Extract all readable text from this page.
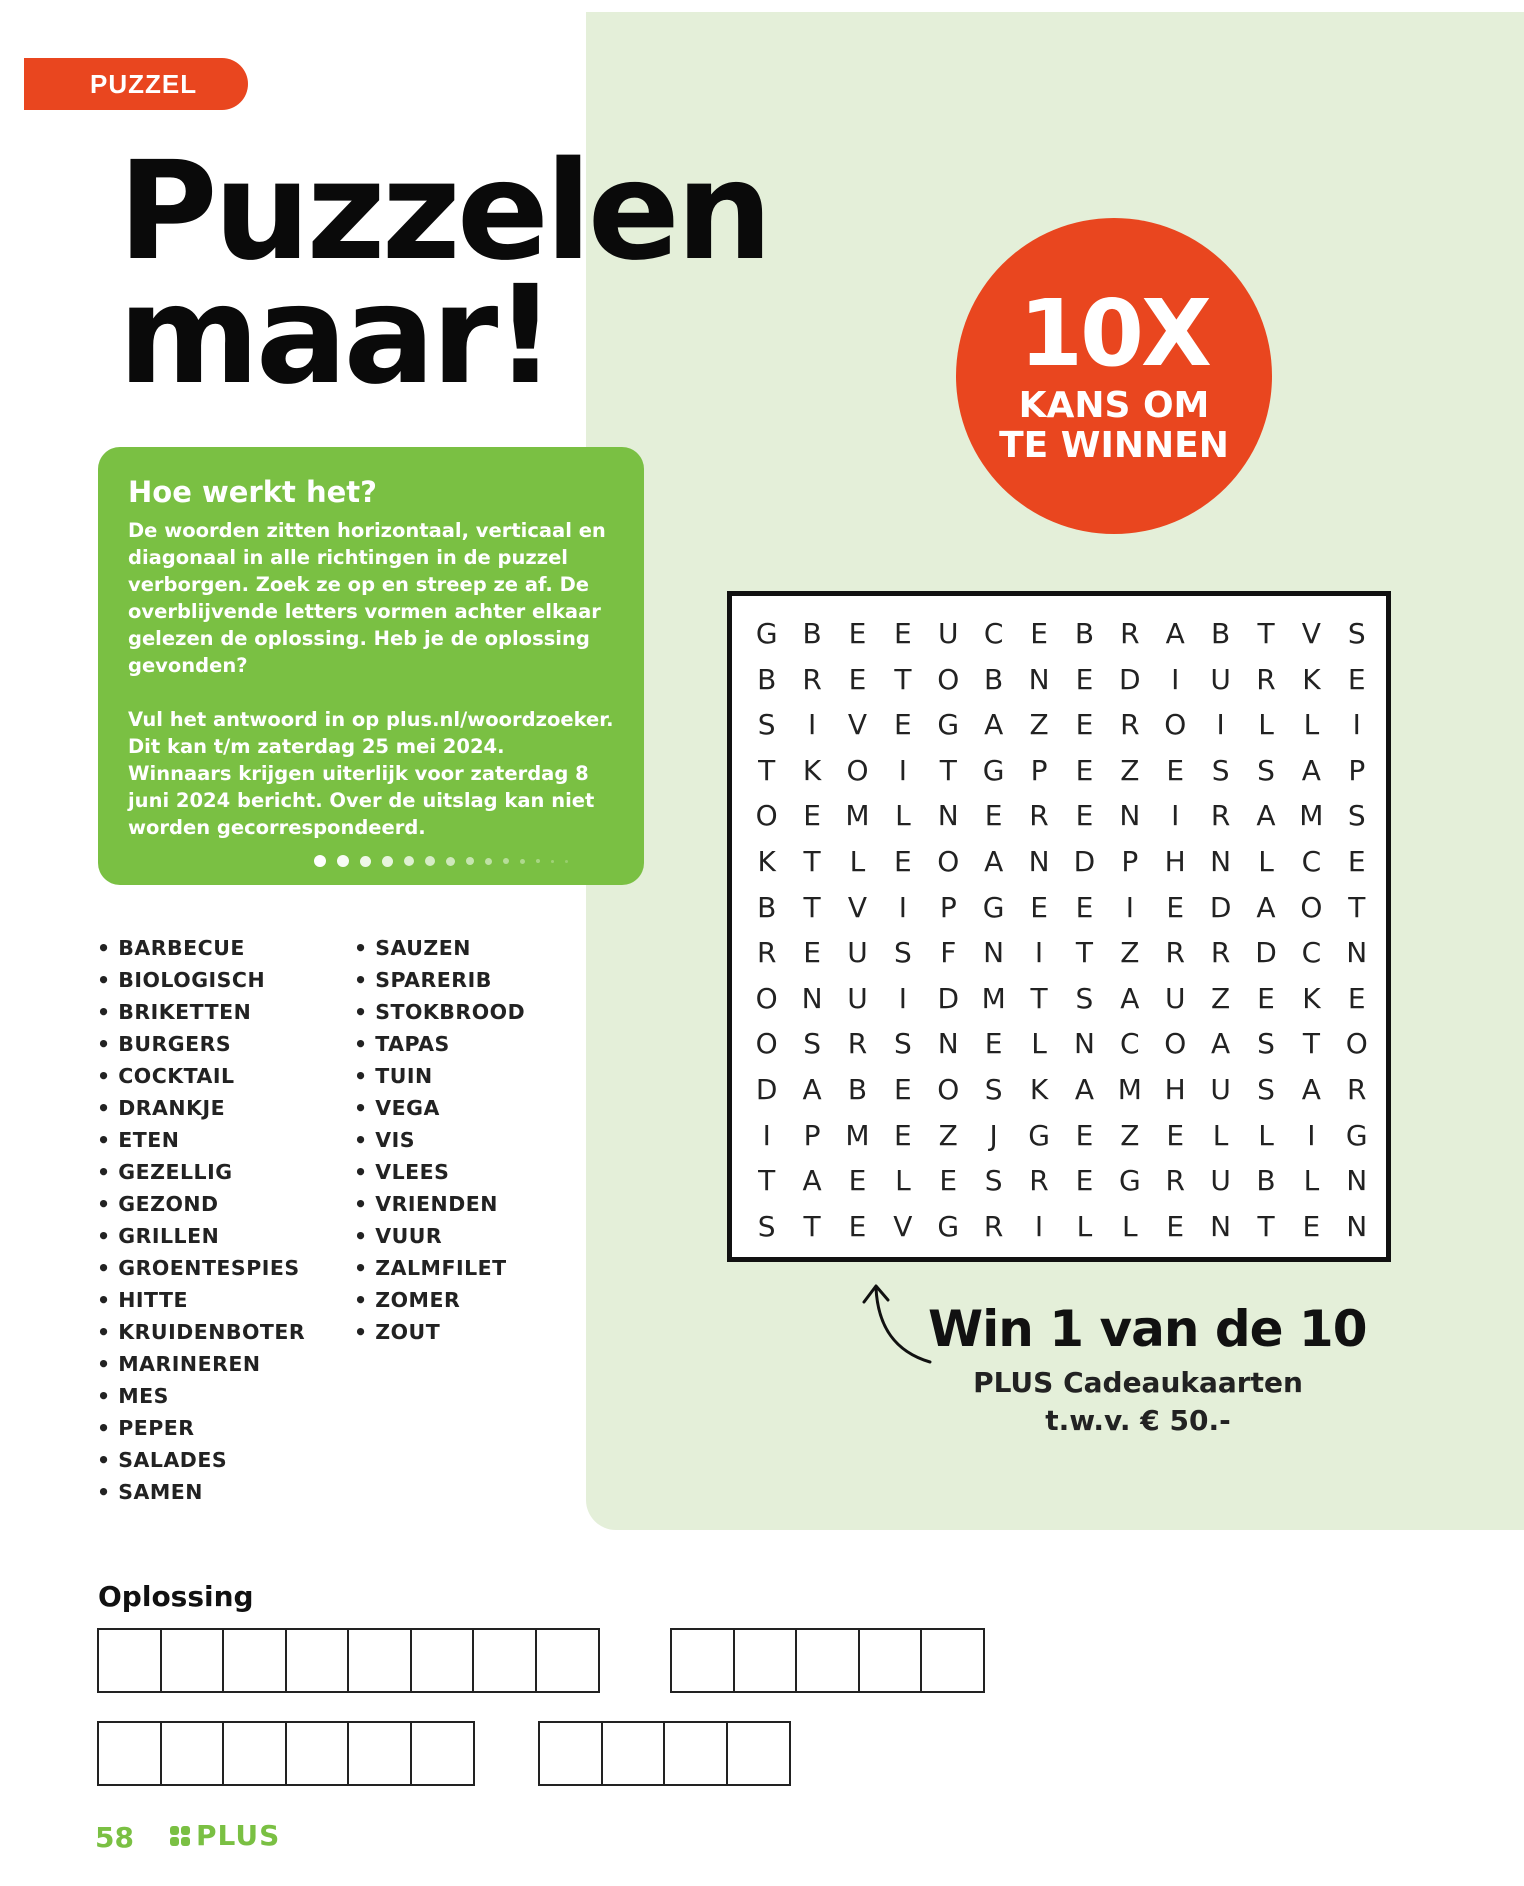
PUZZEL
Puzzelen
maar!	10X
KANS OM
TE WINNEN
Hoe werkt het?

De woorden zitten horizontaal, verticaal en diagonaal in alle richtingen in de puzzel verborgen. Zoek ze op en streep ze af. De overblijvende letters vormen achter elkaar gelezen de oplossing. Heb je de oplossing gevonden?

Vul het antwoord in op plus.nl/woordzoeker. Dit kan t/m zaterdag 25 mei 2024. Winnaars krijgen uiterlijk voor zaterdag 8 juni 2024 bericht. Over de uitslag kan niet worden gecorrespondeerd.

• BARBECUE
• BIOLOGISCH
• BRIKETTEN
• BURGERS
• COCKTAIL
• DRANKJE
• ETEN
• GEZELLIG
• GEZOND
• GRILLEN
• GROENTESPIES
• HITTE
• KRUIDENBOTER
• MARINEREN
• MES
• PEPER
• SALADES
• SAMEN
• SAUZEN
• SPARERIB
• STOKBROOD
• TAPAS
• TUIN
• VEGA
• VIS
• VLEES
• VRIENDEN
• VUUR
• ZALMFILET
• ZOMER
• ZOUT
G B E E U C E B R A B T V S
B R E T O B N E D	I	U R K E
S	I	V E G A Z E R O	I	L	L	I
T K O	I	T G P	E Z E S S A P
O E M L N E R E N	I	R A M S
K T	L	E O A N D P H N L C E
B T V	I	P G E E	I	E D A O T
R E U S	F N	I	T Z R R D C N
O N U	I	D M T S A U Z E K E
O S R S N E	L N C O A S T O
D A B E O S K A M H U S A R
I	P M E Z	J	G E Z E	L	L	I	G
T A E	L	E S R E G R U B L N
S T E V G R	I	L	L	E N T E N
Win 1 van de 10
PLUS Cadeaukaarten
t.w.v. € 50.-
Oplossing
58 PLUS
